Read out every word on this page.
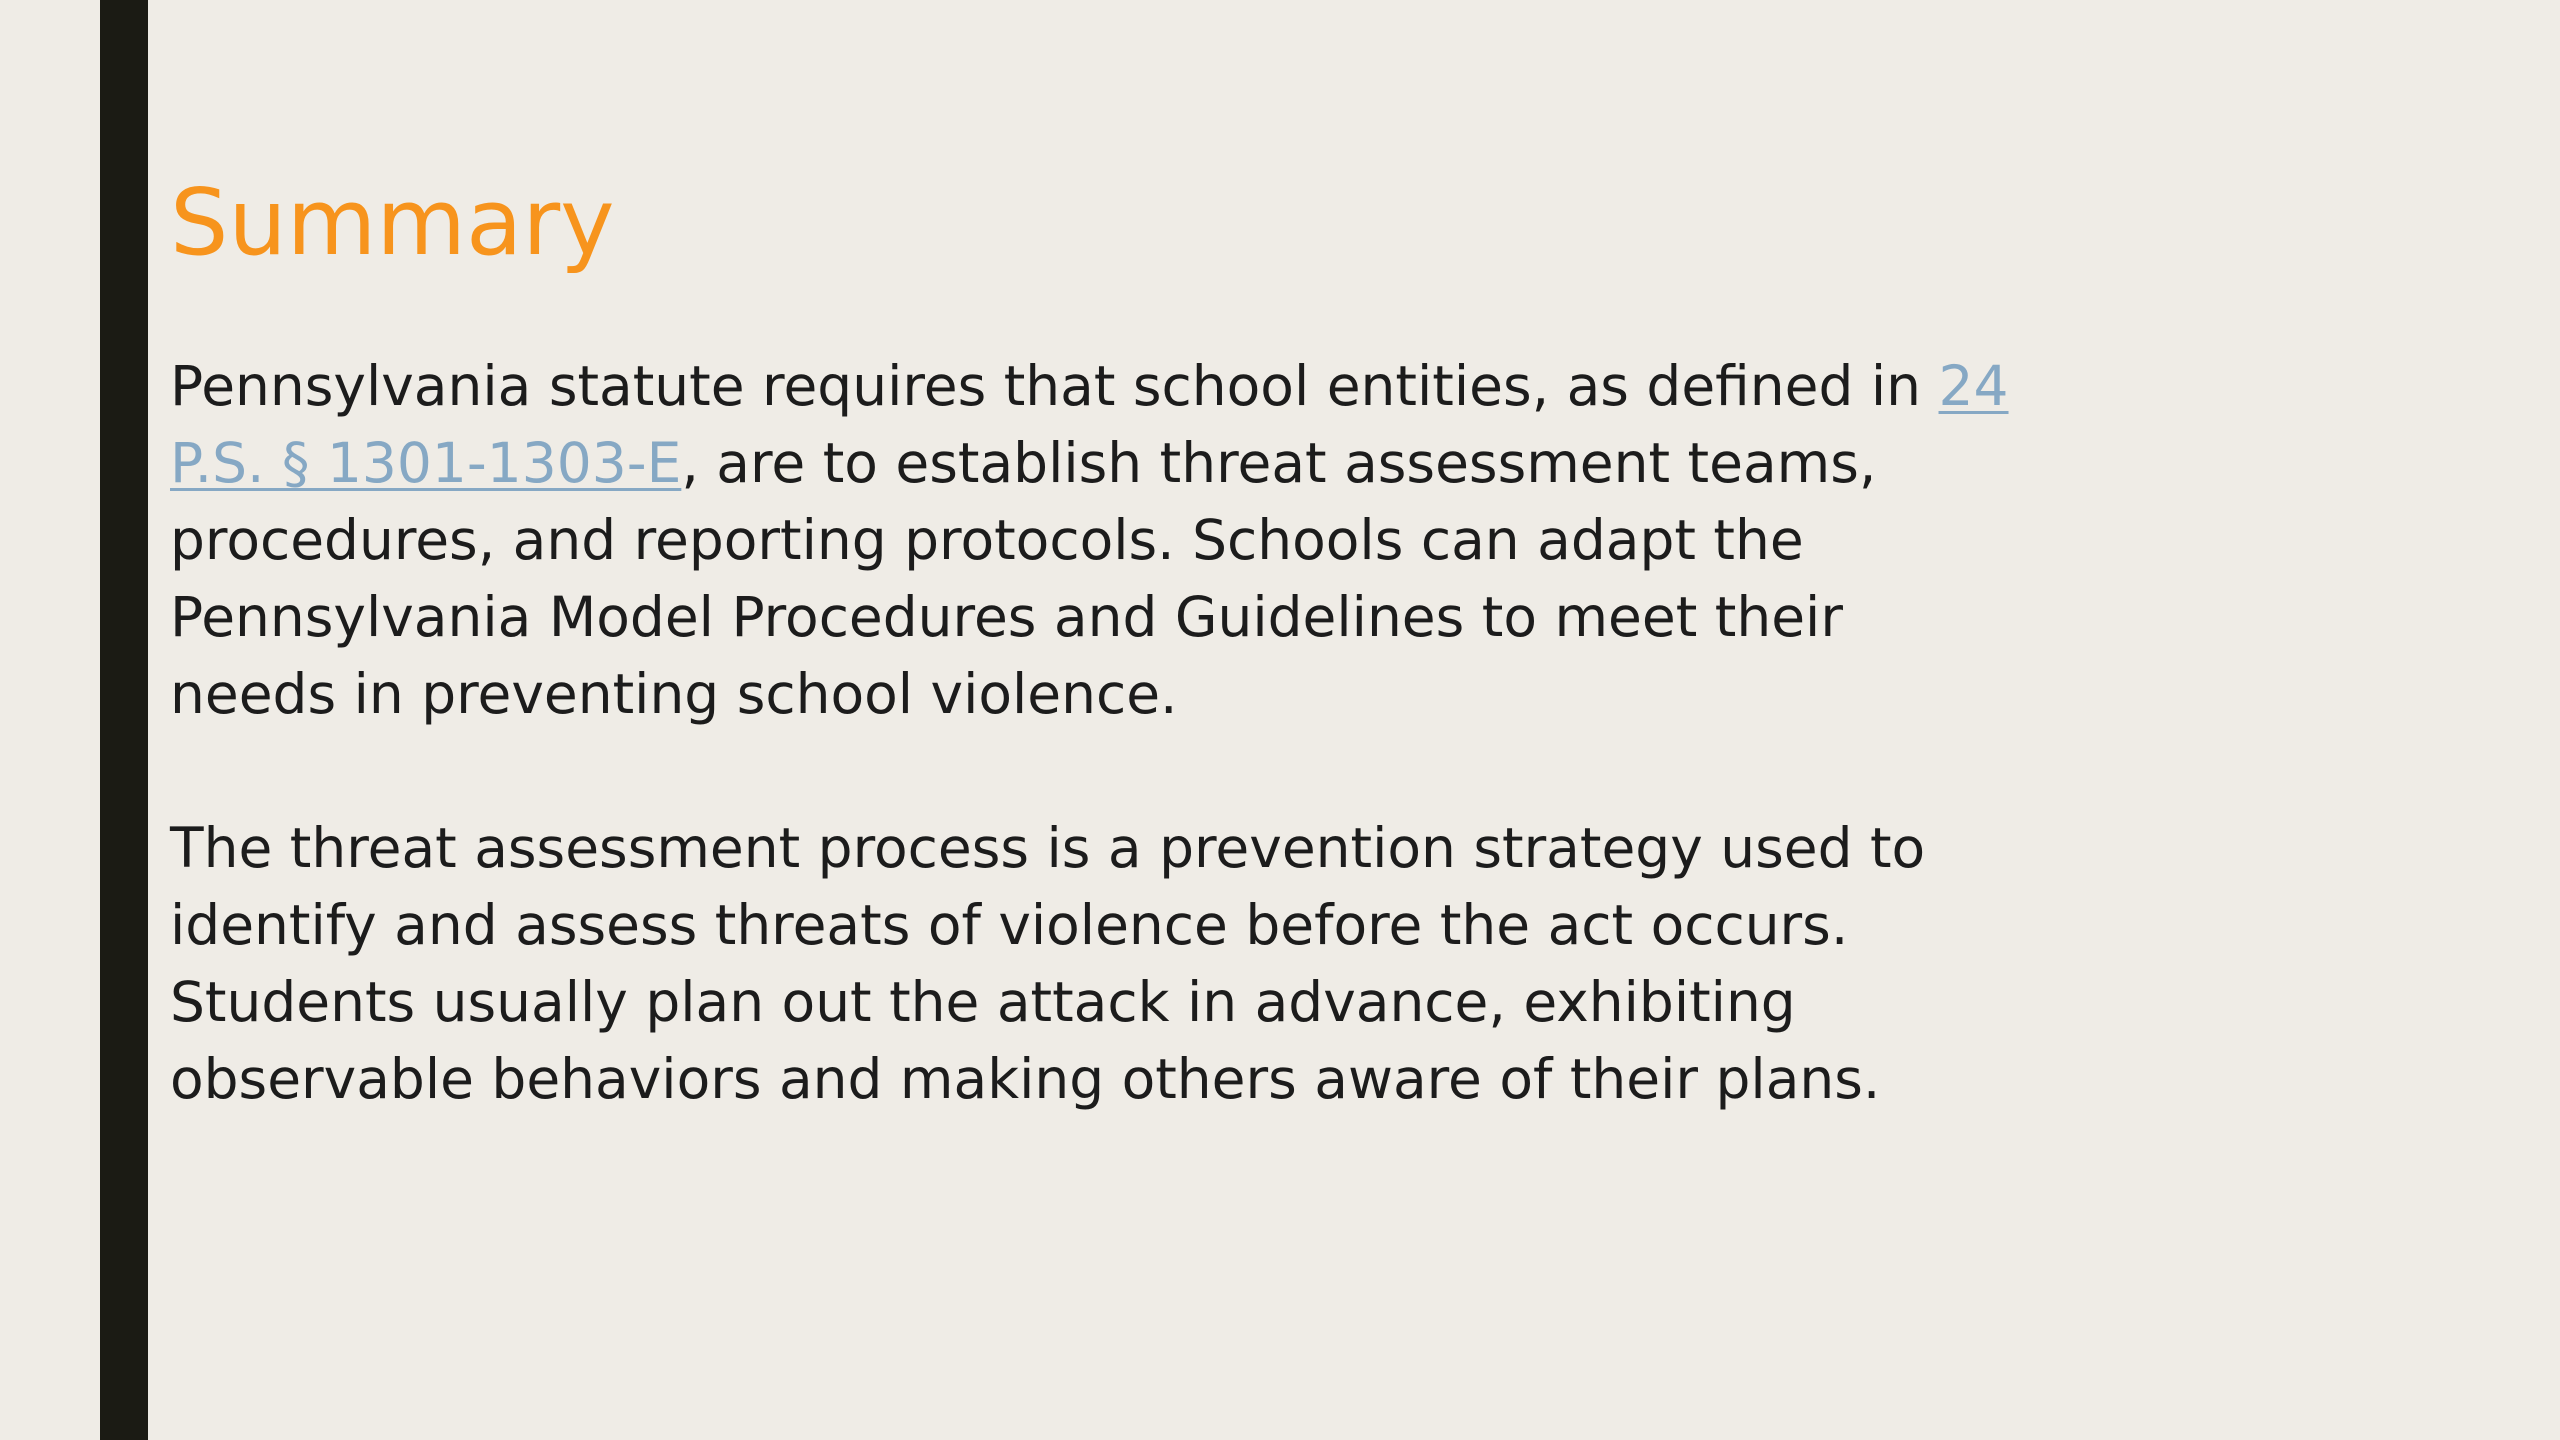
Summary

Pennsylvania statute requires that school entities, as defined in 24 P.S. § 1301-1303-E, are to establish threat assessment teams, procedures, and reporting protocols. Schools can adapt the Pennsylvania Model Procedures and Guidelines to meet their needs in preventing school violence.

The threat assessment process is a prevention strategy used to identify and assess threats of violence before the act occurs. Students usually plan out the attack in advance, exhibiting observable behaviors and making others aware of their plans.
